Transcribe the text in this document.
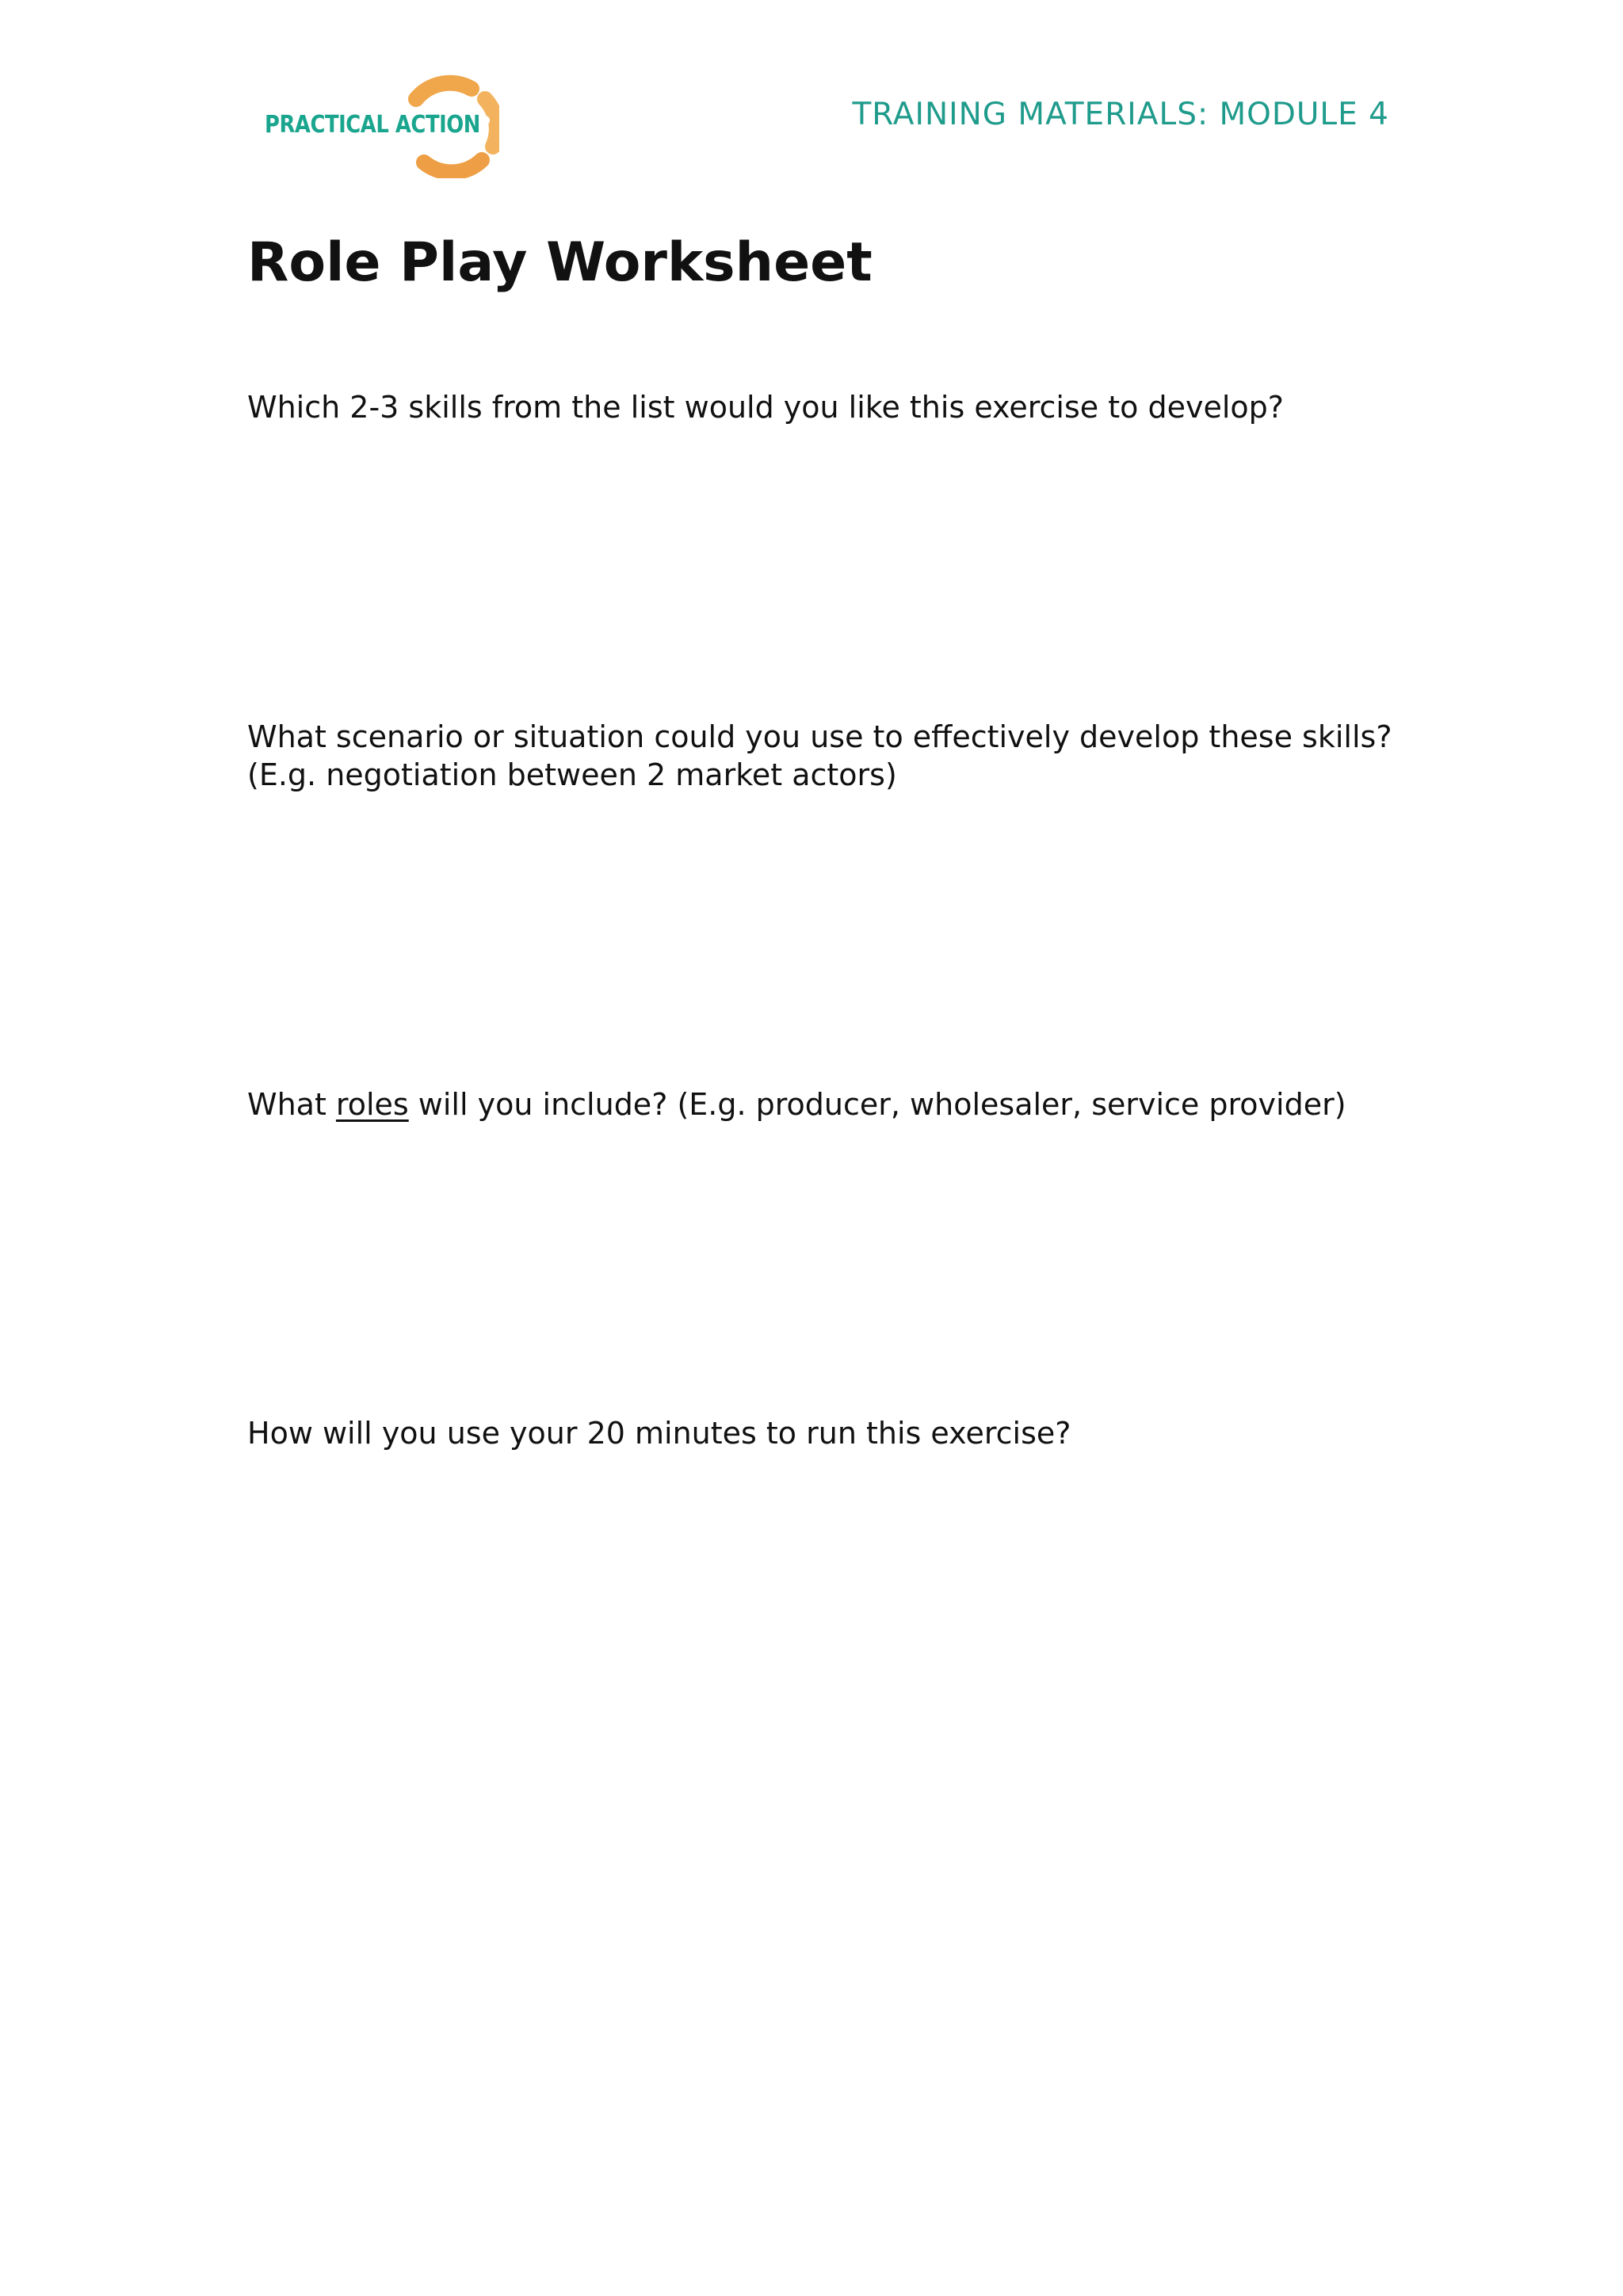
PRACTICAL ACTION	TRAINING MATERIALS: MODULE 4
Role Play Worksheet

Which 2-3 skills from the list would you like this exercise to develop?

What scenario or situation could you use to effectively develop these skills?
(E.g. negotiation between 2 market actors)

What roles will you include? (E.g. producer, wholesaler, service provider)

How will you use your 20 minutes to run this exercise?
